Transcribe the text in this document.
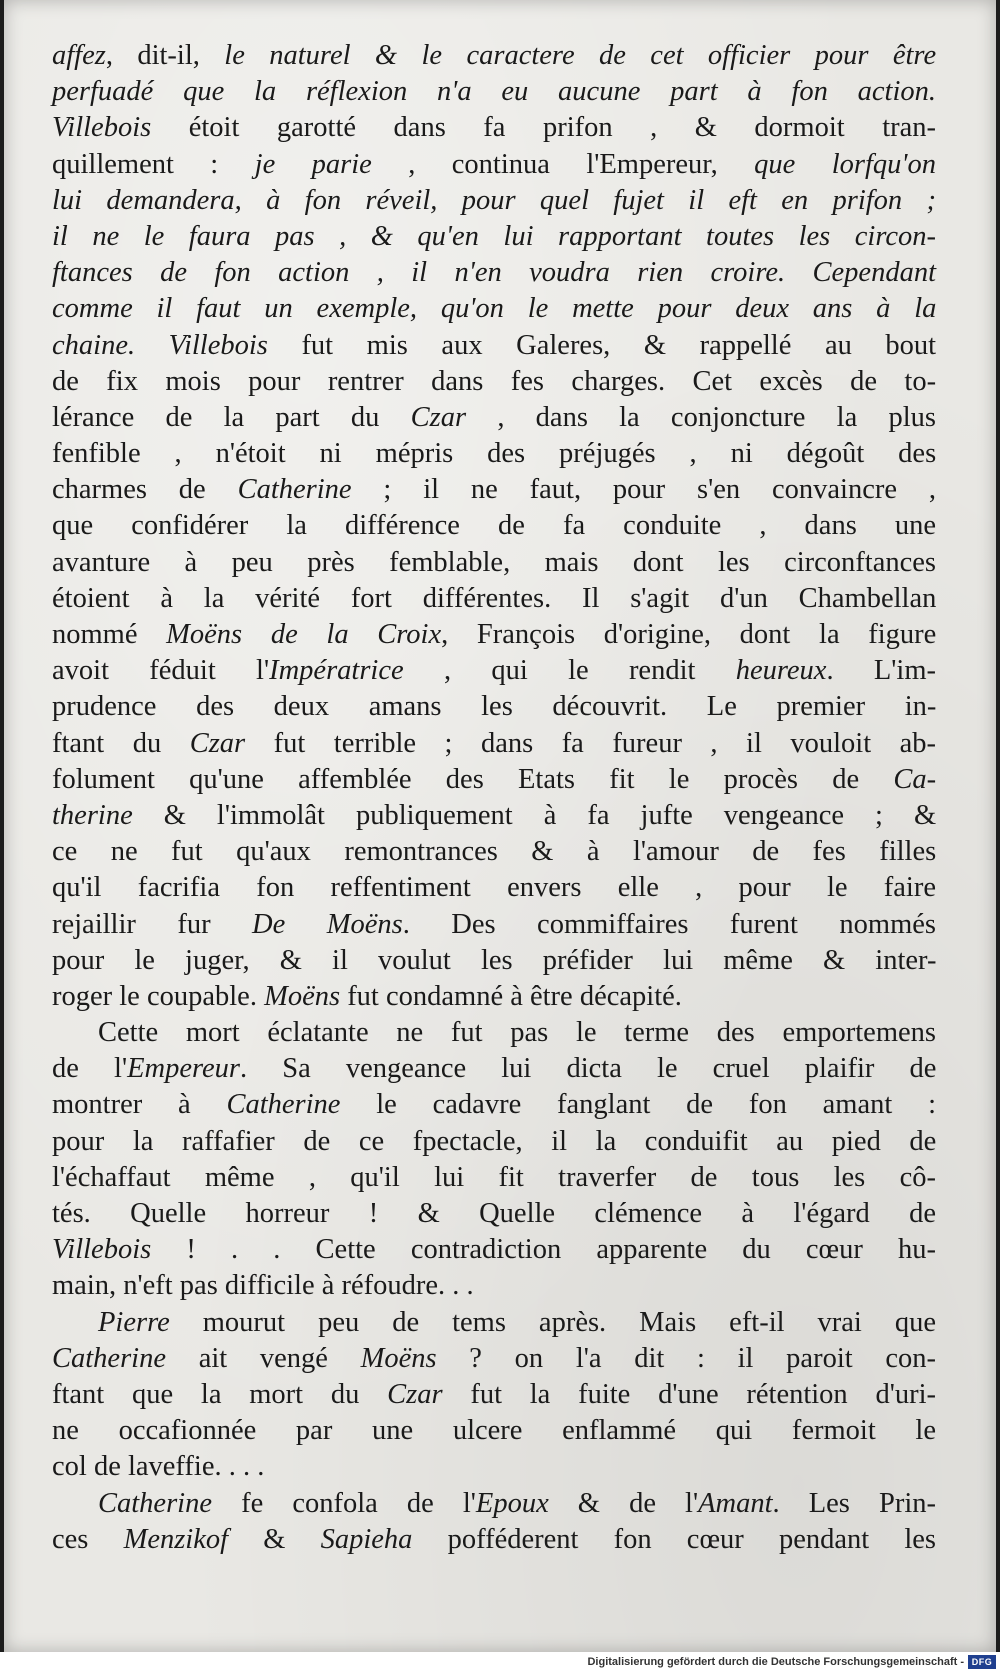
affez, dit-il, le naturel & le caractere de cet officier pour être
perfuadé que la réflexion n'a eu aucune part à fon action.
Villebois étoit garotté dans fa prifon , & dormoit tran-
quillement : je parie , continua l'Empereur, que lorfqu'on
lui demandera, à fon réveil, pour quel fujet il eft en prifon ;
il ne le faura pas , & qu'en lui rapportant toutes les circon-
ftances de fon action , il n'en voudra rien croire. Cependant
comme il faut un exemple, qu'on le mette pour deux ans à la
chaine. Villebois fut mis aux Galeres, & rappellé au bout
de fix mois pour rentrer dans fes charges. Cet excès de to-
lérance de la part du Czar , dans la conjoncture la plus
fenfible , n'étoit ni mépris des préjugés , ni dégoût des
charmes de Catherine ; il ne faut, pour s'en convaincre ,
que confidérer la différence de fa conduite , dans une
avanture à peu près femblable, mais dont les circonftances
étoient à la vérité fort différentes. Il s'agit d'un Chambellan
nommé Moëns de la Croix, François d'origine, dont la figure
avoit féduit l'Impératrice , qui le rendit heureux. L'im-
prudence des deux amans les découvrit. Le premier in-
ftant du Czar fut terrible ; dans fa fureur , il vouloit ab-
folument qu'une affemblée des Etats fit le procès de Ca-
therine & l'immolât publiquement à fa jufte vengeance ; &
ce ne fut qu'aux remontrances & à l'amour de fes filles
qu'il facrifia fon reffentiment envers elle , pour le faire
rejaillir fur De Moëns. Des commiffaires furent nommés
pour le juger, & il voulut les préfider lui même & inter-
roger le coupable. Moëns fut condamné à être décapité.
Cette mort éclatante ne fut pas le terme des emportemens
de l'Empereur. Sa vengeance lui dicta le cruel plaifir de
montrer à Catherine le cadavre fanglant de fon amant :
pour la raffafier de ce fpectacle, il la conduifit au pied de
l'échaffaut même , qu'il lui fit traverfer de tous les cô-
tés. Quelle horreur ! & Quelle clémence à l'égard de
Villebois ! . . Cette contradiction apparente du cœur hu-
main, n'eft pas difficile à réfoudre. . .
Pierre mourut peu de tems après. Mais eft-il vrai que
Catherine ait vengé Moëns ? on l'a dit : il paroit con-
ftant que la mort du Czar fut la fuite d'une rétention d'uri-
ne occafionnée par une ulcere enflammé qui fermoit le
col de laveffie. . . .
Catherine fe confola de l'Epoux & de l'Amant. Les Prin-
ces Menzikof & Sapieha pofféderent fon cœur pendant les
Digitalisierung gefördert durch die Deutsche Forschungsgemeinschaft - DFG
